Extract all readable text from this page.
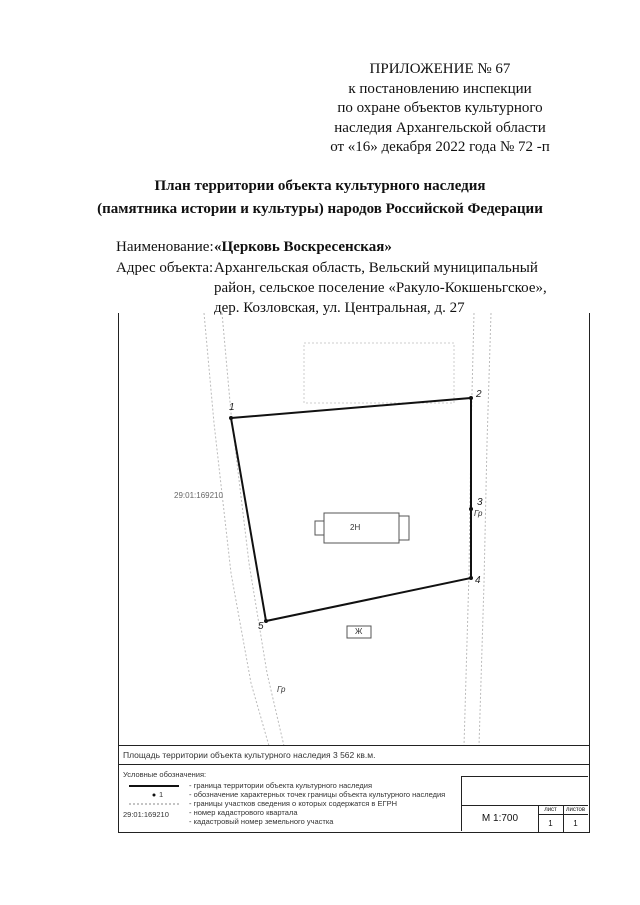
ПРИЛОЖЕНИЕ № 67
к постановлению инспекции
по охране объектов культурного
наследия Архангельской области
от «16» декабря 2022 года № 72 -п
План территории объекта культурного наследия
(памятника истории и культуры) народов Российской Федерации
Наименование: «Церковь Воскресенская»
Адрес объекта: Архангельская область, Вельский муниципальный
район, сельское поселение «Ракуло-Кокшеньгское»,
дер. Козловская, ул. Центральная, д. 27
1
2
3
4
5
2Н
Ж
29:01:169210
Гр
Гр
Площадь территории объекта культурного наследия 3 562 кв.м.
Условные обозначения:
1
29:01:169210
- граница территории объекта культурного наследия
- обозначение характерных точек границы объекта культурного наследия
- границы участков сведения о которых содержатся в ЕГРН
- номер кадастрового квартала
- кадастровый номер земельного участка	М 1:700
лист	листов
1	1
